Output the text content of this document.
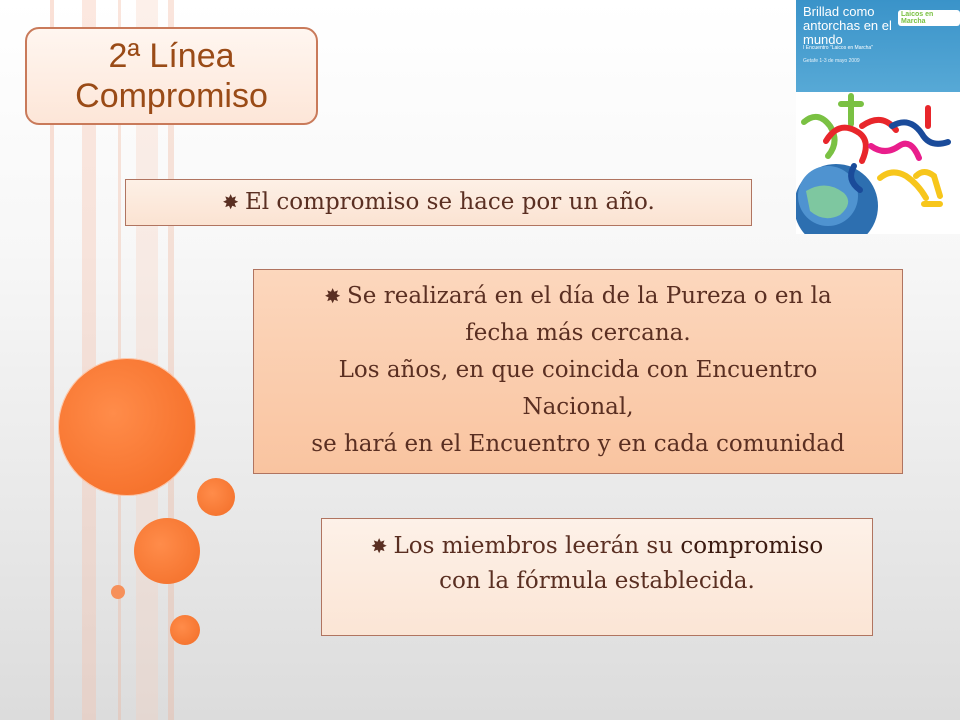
2ª Línea
Compromiso
Brillad como antorchas en el mundo
Laicos en Marcha
I Encuentro "Laicos en Marcha"
Getafe 1-3 de mayo 2009
✸ El compromiso se hace por un año.
✸ Se realizará en el día de la Pureza o en la
fecha más cercana.
Los años, en que coincida con Encuentro
Nacional,
se hará en el Encuentro y en cada comunidad
✸ Los miembros leerán su compromiso
con la fórmula establecida.
